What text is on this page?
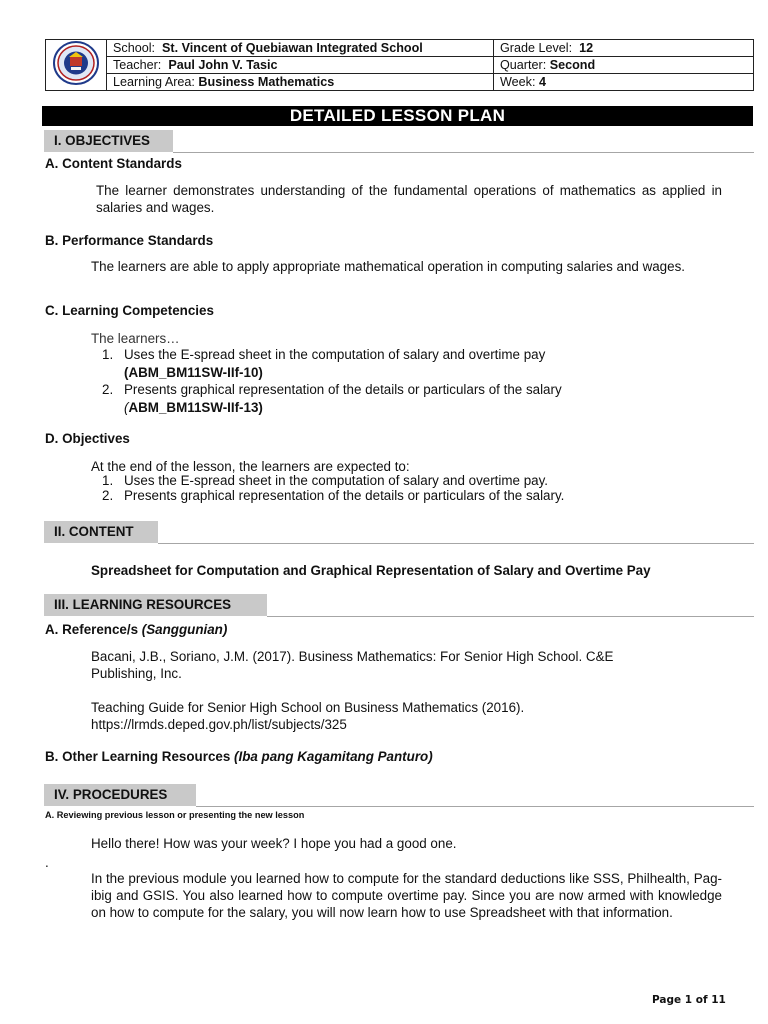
	School: St. Vincent of Quebiawan Integrated School	Grade Level: 12
	Teacher: Paul John V. Tasic	Quarter: Second
	Learning Area: Business Mathematics	Week: 4
DETAILED LESSON PLAN
I. OBJECTIVES
A. Content Standards
The learner demonstrates understanding of the fundamental operations of mathematics as applied in salaries and wages.
B. Performance Standards
The learners are able to apply appropriate mathematical operation in computing salaries and wages.
C. Learning Competencies
The learners…
1. Uses the E-spread sheet in the computation of salary and overtime pay
(ABM_BM11SW-IIf-10)
2. Presents graphical representation of the details or particulars of the salary
(ABM_BM11SW-IIf-13)
D. Objectives
At the end of the lesson, the learners are expected to:
1. Uses the E-spread sheet in the computation of salary and overtime pay.
2. Presents graphical representation of the details or particulars of the salary.
II. CONTENT
Spreadsheet for Computation and Graphical Representation of Salary and Overtime Pay
III. LEARNING RESOURCES
A. Reference/s (Sanggunian)
Bacani, J.B., Soriano, J.M. (2017). Business Mathematics: For Senior High School. C&E
Publishing, Inc.
Teaching Guide for Senior High School on Business Mathematics (2016).
https://lrmds.deped.gov.ph/list/subjects/325
B. Other Learning Resources (Iba pang Kagamitang Panturo)
IV. PROCEDURES
A. Reviewing previous lesson or presenting the new lesson
Hello there! How was your week? I hope you had a good one.
.
In the previous module you learned how to compute for the standard deductions like SSS, Philhealth, Pag-ibig and GSIS. You also learned how to compute overtime pay. Since you are now armed with knowledge on how to compute for the salary, you will now learn how to use Spreadsheet with that information.
Page 1 of 11
